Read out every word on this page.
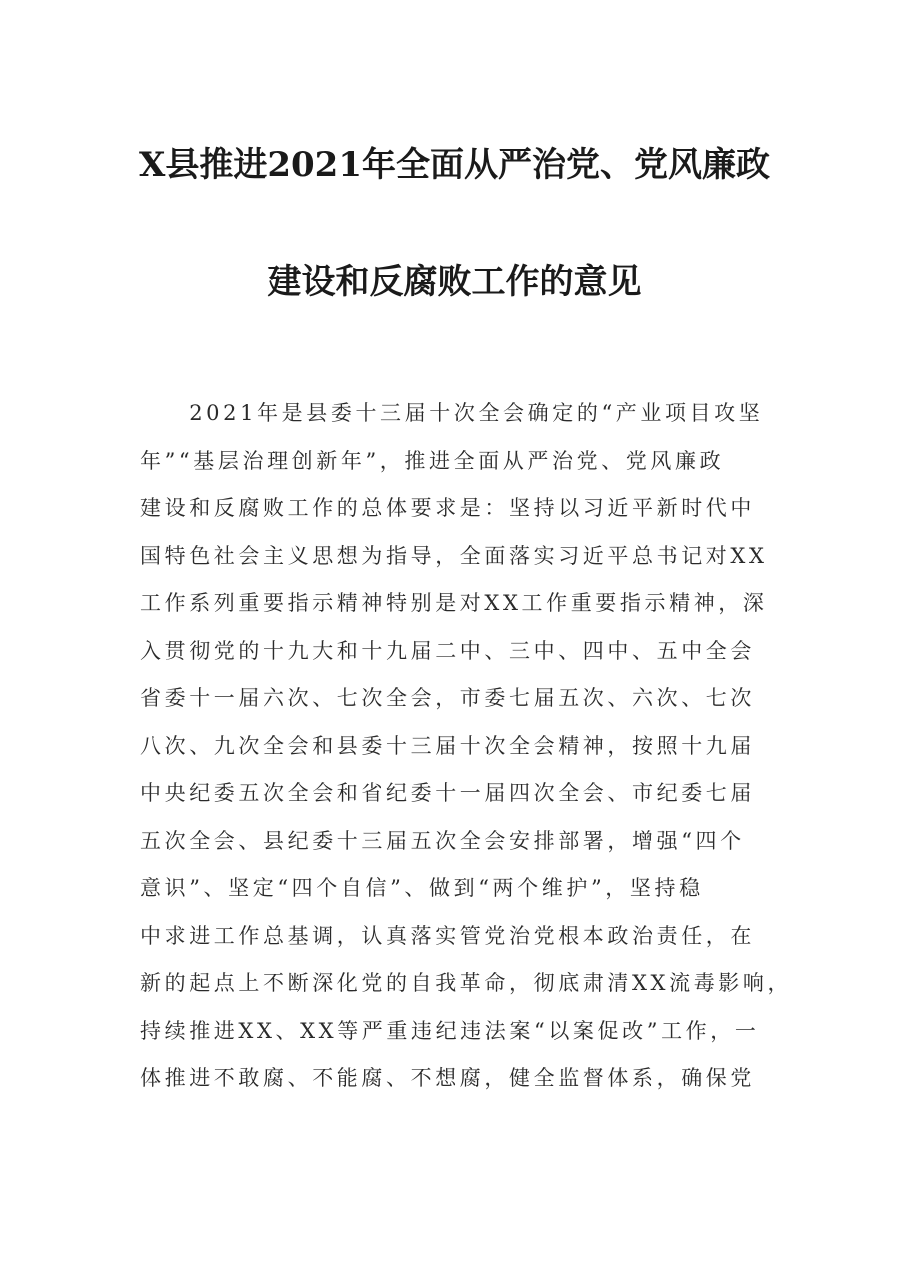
X县推进2021年全面从严治党、党风廉政
建设和反腐败工作的意见
　　2021年是县委十三届十次全会确定的“产业项目攻坚
年”“基层治理创新年”，推进全面从严治党、党风廉政
建设和反腐败工作的总体要求是：坚持以习近平新时代中
国特色社会主义思想为指导，全面落实习近平总书记对XX
工作系列重要指示精神特别是对XX工作重要指示精神，深
入贯彻党的十九大和十九届二中、三中、四中、五中全会
省委十一届六次、七次全会，市委七届五次、六次、七次
八次、九次全会和县委十三届十次全会精神，按照十九届
中央纪委五次全会和省纪委十一届四次全会、市纪委七届
五次全会、县纪委十三届五次全会安排部署，增强“四个
意识”、坚定“四个自信”、做到“两个维护”，坚持稳
中求进工作总基调，认真落实管党治党根本政治责任，在
新的起点上不断深化党的自我革命，彻底肃清XX流毒影响，
持续推进XX、XX等严重违纪违法案“以案促改”工作，一
体推进不敢腐、不能腐、不想腐，健全监督体系，确保党
